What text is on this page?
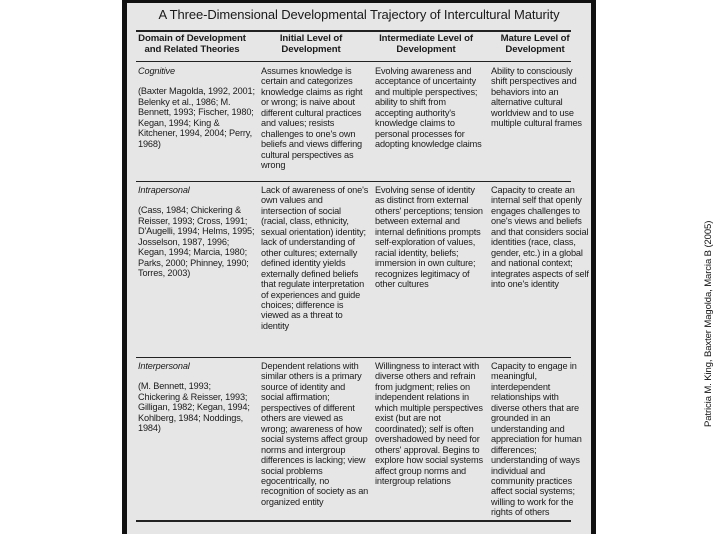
A Three-Dimensional Developmental Trajectory of Intercultural Maturity
Domain of Development and Related Theories
Initial Level of Development
Intermediate Level of Development
Mature Level of Development
Cognitive
(Baxter Magolda, 1992, 2001; Belenky et al., 1986; M. Bennett, 1993; Fischer, 1980; Kegan, 1994; King & Kitchener, 1994, 2004; Perry, 1968)
Assumes knowledge is certain and categorizes knowledge claims as right or wrong; is naive about different cultural practices and values; resists challenges to one's own beliefs and views differing cultural perspectives as wrong
Evolving awareness and acceptance of uncertainty and multiple perspectives; ability to shift from accepting authority's knowledge claims to personal processes for adopting knowledge claims
Ability to consciously shift perspectives and behaviors into an alternative cultural worldview and to use multiple cultural frames
Intrapersonal
(Cass, 1984; Chickering & Reisser, 1993; Cross, 1991; D'Augelli, 1994; Helms, 1995; Josselson, 1987, 1996; Kegan, 1994; Marcia, 1980; Parks, 2000; Phinney, 1990; Torres, 2003)
Lack of awareness of one's own values and intersection of social (racial, class, ethnicity, sexual orientation) identity; lack of understanding of other cultures; externally defined identity yields externally defined beliefs that regulate interpretation of experiences and guide choices; difference is viewed as a threat to identity
Evolving sense of identity as distinct from external others' perceptions; tension between external and internal definitions prompts self-exploration of values, racial identity, beliefs; immersion in own culture; recognizes legitimacy of other cultures
Capacity to create an internal self that openly engages challenges to one's views and beliefs and that considers social identities (race, class, gender, etc.) in a global and national context; integrates aspects of self into one's identity
Interpersonal
(M. Bennett, 1993; Chickering & Reisser, 1993; Gilligan, 1982; Kegan, 1994; Kohlberg, 1984; Noddings, 1984)
Dependent relations with similar others is a primary source of identity and social affirmation; perspectives of different others are viewed as wrong; awareness of how social systems affect group norms and intergroup differences is lacking; view social problems egocentrically, no recognition of society as an organized entity
Willingness to interact with diverse others and refrain from judgment; relies on independent relations in which multiple perspectives exist (but are not coordinated); self is often overshadowed by need for others' approval. Begins to explore how social systems affect group norms and intergroup relations
Capacity to engage in meaningful, interdependent relationships with diverse others that are grounded in an understanding and appreciation for human differences; understanding of ways individual and community practices affect social systems; willing to work for the rights of others
Patricia M. King, Baxter Magolda, Marcia B (2005)
